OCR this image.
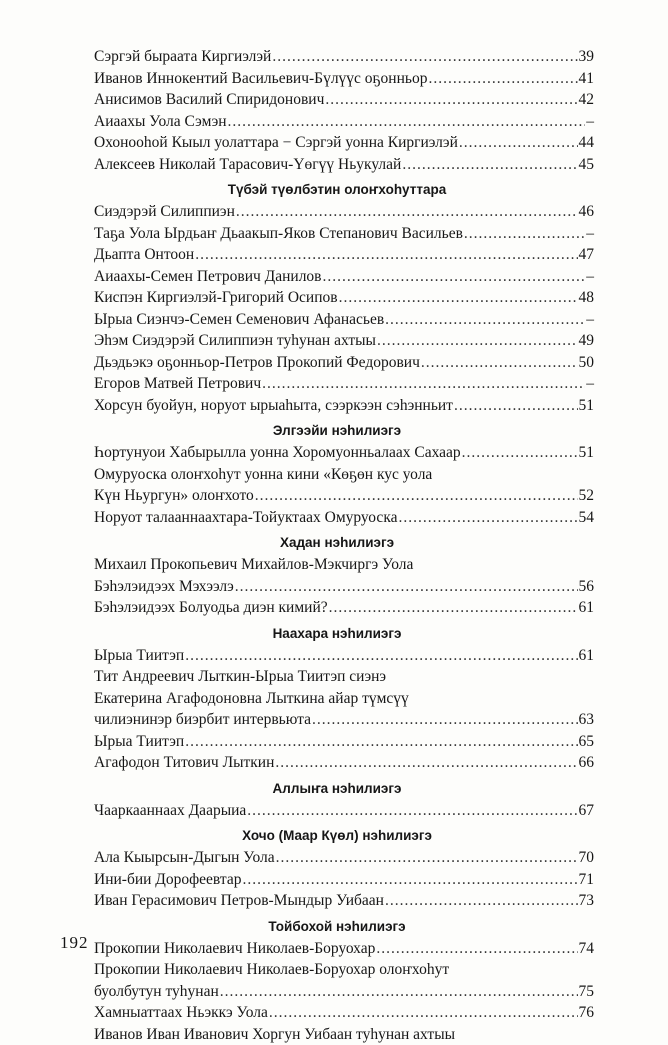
Сэргэй быраата Киргиэлэй .....	39
Иванов Иннокентий Васильевич-Бүлүүс оҕонньор .....	41
Анисимов Василий Спиридонович .....	42
Аиаахы Уола Сэмэн .....	–
Охонооһой Кыыл уолаттара − Сэргэй уонна Киргиэлэй .....	44
Алексеев Николай Тарасович-Үөгүү Ньукулай .....	45
Түбэй түөлбэтин олоҥхоһуттара
Сиэдэрэй Силиппиэн .....	46
Таҕа Уола Ырдьаҥ Дьаакып-Яков Степанович Васильев .....	–
Дьапта Онтоон .....	47
Аиаахы-Семен Петрович Данилов .....	–
Киспэн Киргиэлэй-Григорий Осипов .....	48
Ырыа Сиэнчэ-Семен Семенович Афанасьев .....	–
Эһэм Сиэдэрэй Силиппиэн туһунан ахтыы .....	49
Дьэдьэкэ оҕонньор-Петров Прокопий Федорович .....	50
Егоров Матвей Петрович .....	–
Хорсун буойун, норуот ырыаһыта, сээркээн сэһэнньит .....	51
Элгээйи нэһилиэгэ
Һортунуои Хабырылла уонна Хоромуонньалаах Сахаар .....	51
Омуруоска олоҥхоһут уонна кини «Көҕөн кус уола
Күн Ньургун» олоҥхото .....	52
Норуот талааннаахтара-Тойуктаах Омуруоска .....	54
Хадан нэһилиэгэ
Михаил Прокопьевич Михайлов-Мэкчиргэ Уола
Бэһэлэидээх Мэхээлэ .....	56
Бэһэлэидээх Болуодьа диэн кимий? .....	61
Наахара нэһилиэгэ
Ырыа Тиитэп .....	61
Тит Андреевич Лыткин-Ырыа Тиитэп сиэнэ
Екатерина Агафодоновна Лыткина айар түмсүү
чилиэнинэр биэрбит интервьюта .....	63
Ырыа Тиитэп .....	65
Агафодон Титович Лыткин .....	66
Аллыҥа нэһилиэгэ
Чааркааннаах Даарыиа .....	67
Хочо (Маар Күөл) нэһилиэгэ
Ала Кыырсын-Дыгын Уола .....	70
Ини-бии Дорофеевтар .....	71
Иван Герасимович Петров-Мындыр Уибаан .....	73
Тойбохой нэһилиэгэ
Прокопии Николаевич Николаев-Боруохар .....	74
Прокопии Николаевич Николаев-Боруохар олоҥхоһут
буолбутун туһунан .....	75
Хамныаттаах Ньэккэ Уола .....	76
Иванов Иван Иванович Хоргун Уибаан туһунан ахтыы
192
